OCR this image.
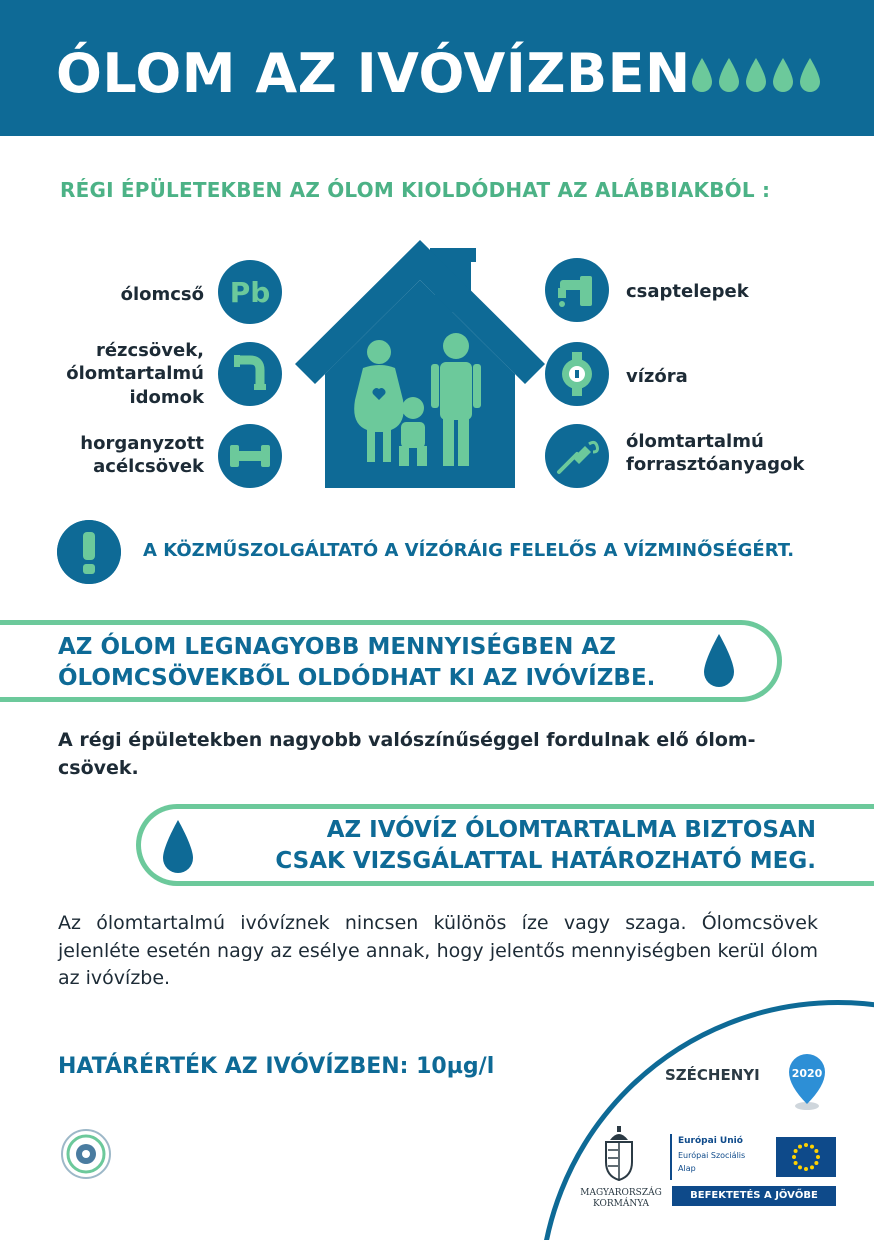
ÓLOM AZ IVÓVÍZBEN
RÉGI ÉPÜLETEKBEN AZ ÓLOM KIOLDÓDHAT AZ ALÁBBIAKBÓL :
ólomcső Pb
rézcsövek,
ólomtartalmú
idomok
horganyzott
acélcsövek
csaptelepek
vízóra
ólomtartalmú
forrasztóanyagok
A KÖZMŰSZOLGÁLTATÓ A VÍZÓRÁIG FELELŐS A VÍZMINŐSÉGÉRT.
AZ ÓLOM LEGNAGYOBB MENNYISÉGBEN AZ
ÓLOMCSÖVEKBŐL OLDÓDHAT KI AZ IVÓVÍZBE.
A régi épületekben nagyobb valószínűséggel fordulnak elő ólom-csövek.
AZ IVÓVÍZ ÓLOMTARTALMA BIZTOSAN
CSAK VIZSGÁLATTAL HATÁROZHATÓ MEG.
Az ólomtartalmú ivóvíznek nincsen különös íze vagy szaga. Ólomcsövek jelenléte esetén nagy az esélye annak, hogy jelentős mennyiségben kerül ólom az ivóvízbe.
HATÁRÉRTÉK AZ IVÓVÍZBEN: 10µg/l	SZÉCHENYI	2020
MAGYARORSZÁG
KORMÁNYA
Európai Unió
Európai Szociális
Alap
BEFEKTETÉS A JÖVŐBE
